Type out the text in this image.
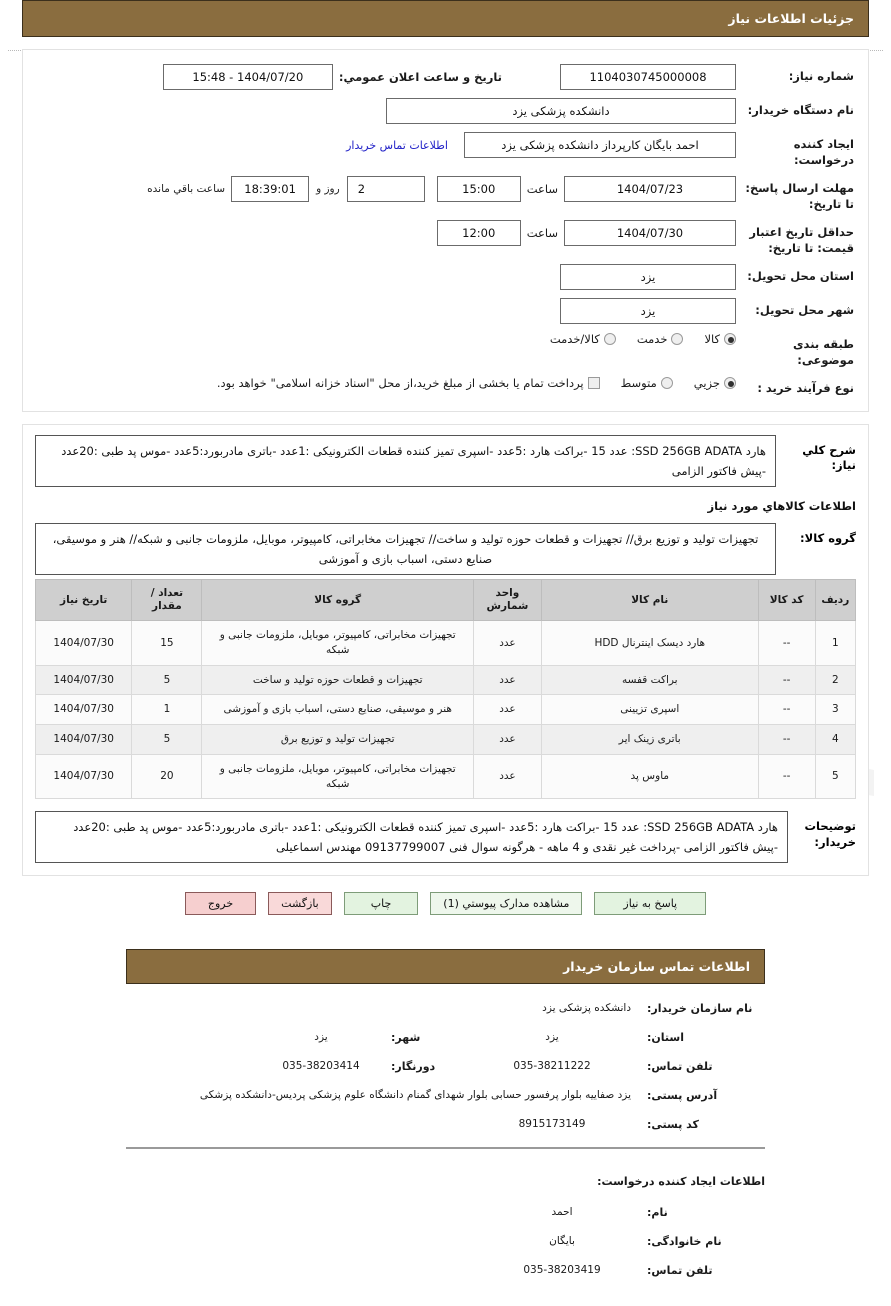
جزئیات اطلاعات نیاز
شماره نیاز:
1104030745000008
تاریخ و ساعت اعلان عمومي:
1404/07/20 - 15:48
نام دستگاه خریدار:
دانشکده پزشکی یزد
ایجاد کننده درخواست:
احمد بایگان کارپرداز دانشکده پزشکی یزد
اطلاعات تماس خریدار
مهلت ارسال پاسخ: تا تاریخ:
1404/07/23
ساعت
15:00
2
روز و
18:39:01
ساعت باقي مانده
حداقل تاریخ اعتبار قیمت: تا تاریخ:
1404/07/30
ساعت
12:00
استان محل تحویل:
یزد
شهر محل تحویل:
یزد
طبقه بندی موضوعی:
کالا
خدمت
کالا/خدمت
نوع فرآیند خرید :
جزيي
متوسط
پرداخت تمام یا بخشی از مبلغ خرید،از محل "اسناد خزانه اسلامی" خواهد بود.
شرح کلي نیاز:
هارد SSD 256GB ADATA: عدد 15 -براکت هارد :5عدد -اسپری تمیز کننده قطعات الکترونیکی :1عدد -باتری مادربورد:5عدد -موس پد طبی :20عدد -پیش فاکتور الزامی
اطلاعات کالاهاي مورد نیاز
گروه کالا:
تجهیزات تولید و توزیع برق// تجهیزات و قطعات حوزه تولید و ساخت// تجهیزات مخابراتی، کامپیوتر، موبایل، ملزومات جانبی و شبکه// هنر و موسیقی، صنایع دستی، اسباب بازی و آموزشی
ردیف	کد کالا	نام کالا	واحد شمارش	گروه کالا	تعداد / مقدار	تاریخ نیاز
1	--	هارد دیسک اینترنال HDD	عدد	تجهیزات مخابراتی، کامپیوتر، موبایل، ملزومات جانبی و شبکه	15	1404/07/30
2	--	براکت قفسه	عدد	تجهیزات و قطعات حوزه تولید و ساخت	5	1404/07/30
3	--	اسپری تزیینی	عدد	هنر و موسیقی، صنایع دستی، اسباب بازی و آموزشی	1	1404/07/30
4	--	باتری زینک ایر	عدد	تجهیزات تولید و توزیع برق	5	1404/07/30
5	--	ماوس پد	عدد	تجهیزات مخابراتی، کامپیوتر، موبایل، ملزومات جانبی و شبکه	20	1404/07/30
توضیحات خریدار:
هارد SSD 256GB ADATA: عدد 15 -براکت هارد :5عدد -اسپری تمیز کننده قطعات الکترونیکی :1عدد -باتری مادربورد:5عدد -موس پد طبی :20عدد -پیش فاکتور الزامی -پرداخت غیر نقدی و 4 ماهه - هرگونه سوال فنی 09137799007 مهندس اسماعیلی
پاسخ به نیاز
مشاهده مدارک پیوستي (1)
چاپ
بازگشت
خروج
اطلاعات تماس سازمان خریدار
نام سازمان خریدار:
دانشکده پزشکی یزد
استان:
یزد
شهر:
یزد
تلفن تماس:
035-38211222
دورنگار:
035-38203414
آدرس پستی:
یزد صفاییه بلوار پرفسور حسابی بلوار شهدای گمنام دانشگاه علوم پزشکی پردیس-دانشکده پزشکی
کد پستی:
8915173149
اطلاعات ایجاد کننده درخواست:
نام:
احمد
نام خانوادگی:
بایگان
تلفن تماس:
035-38203419
